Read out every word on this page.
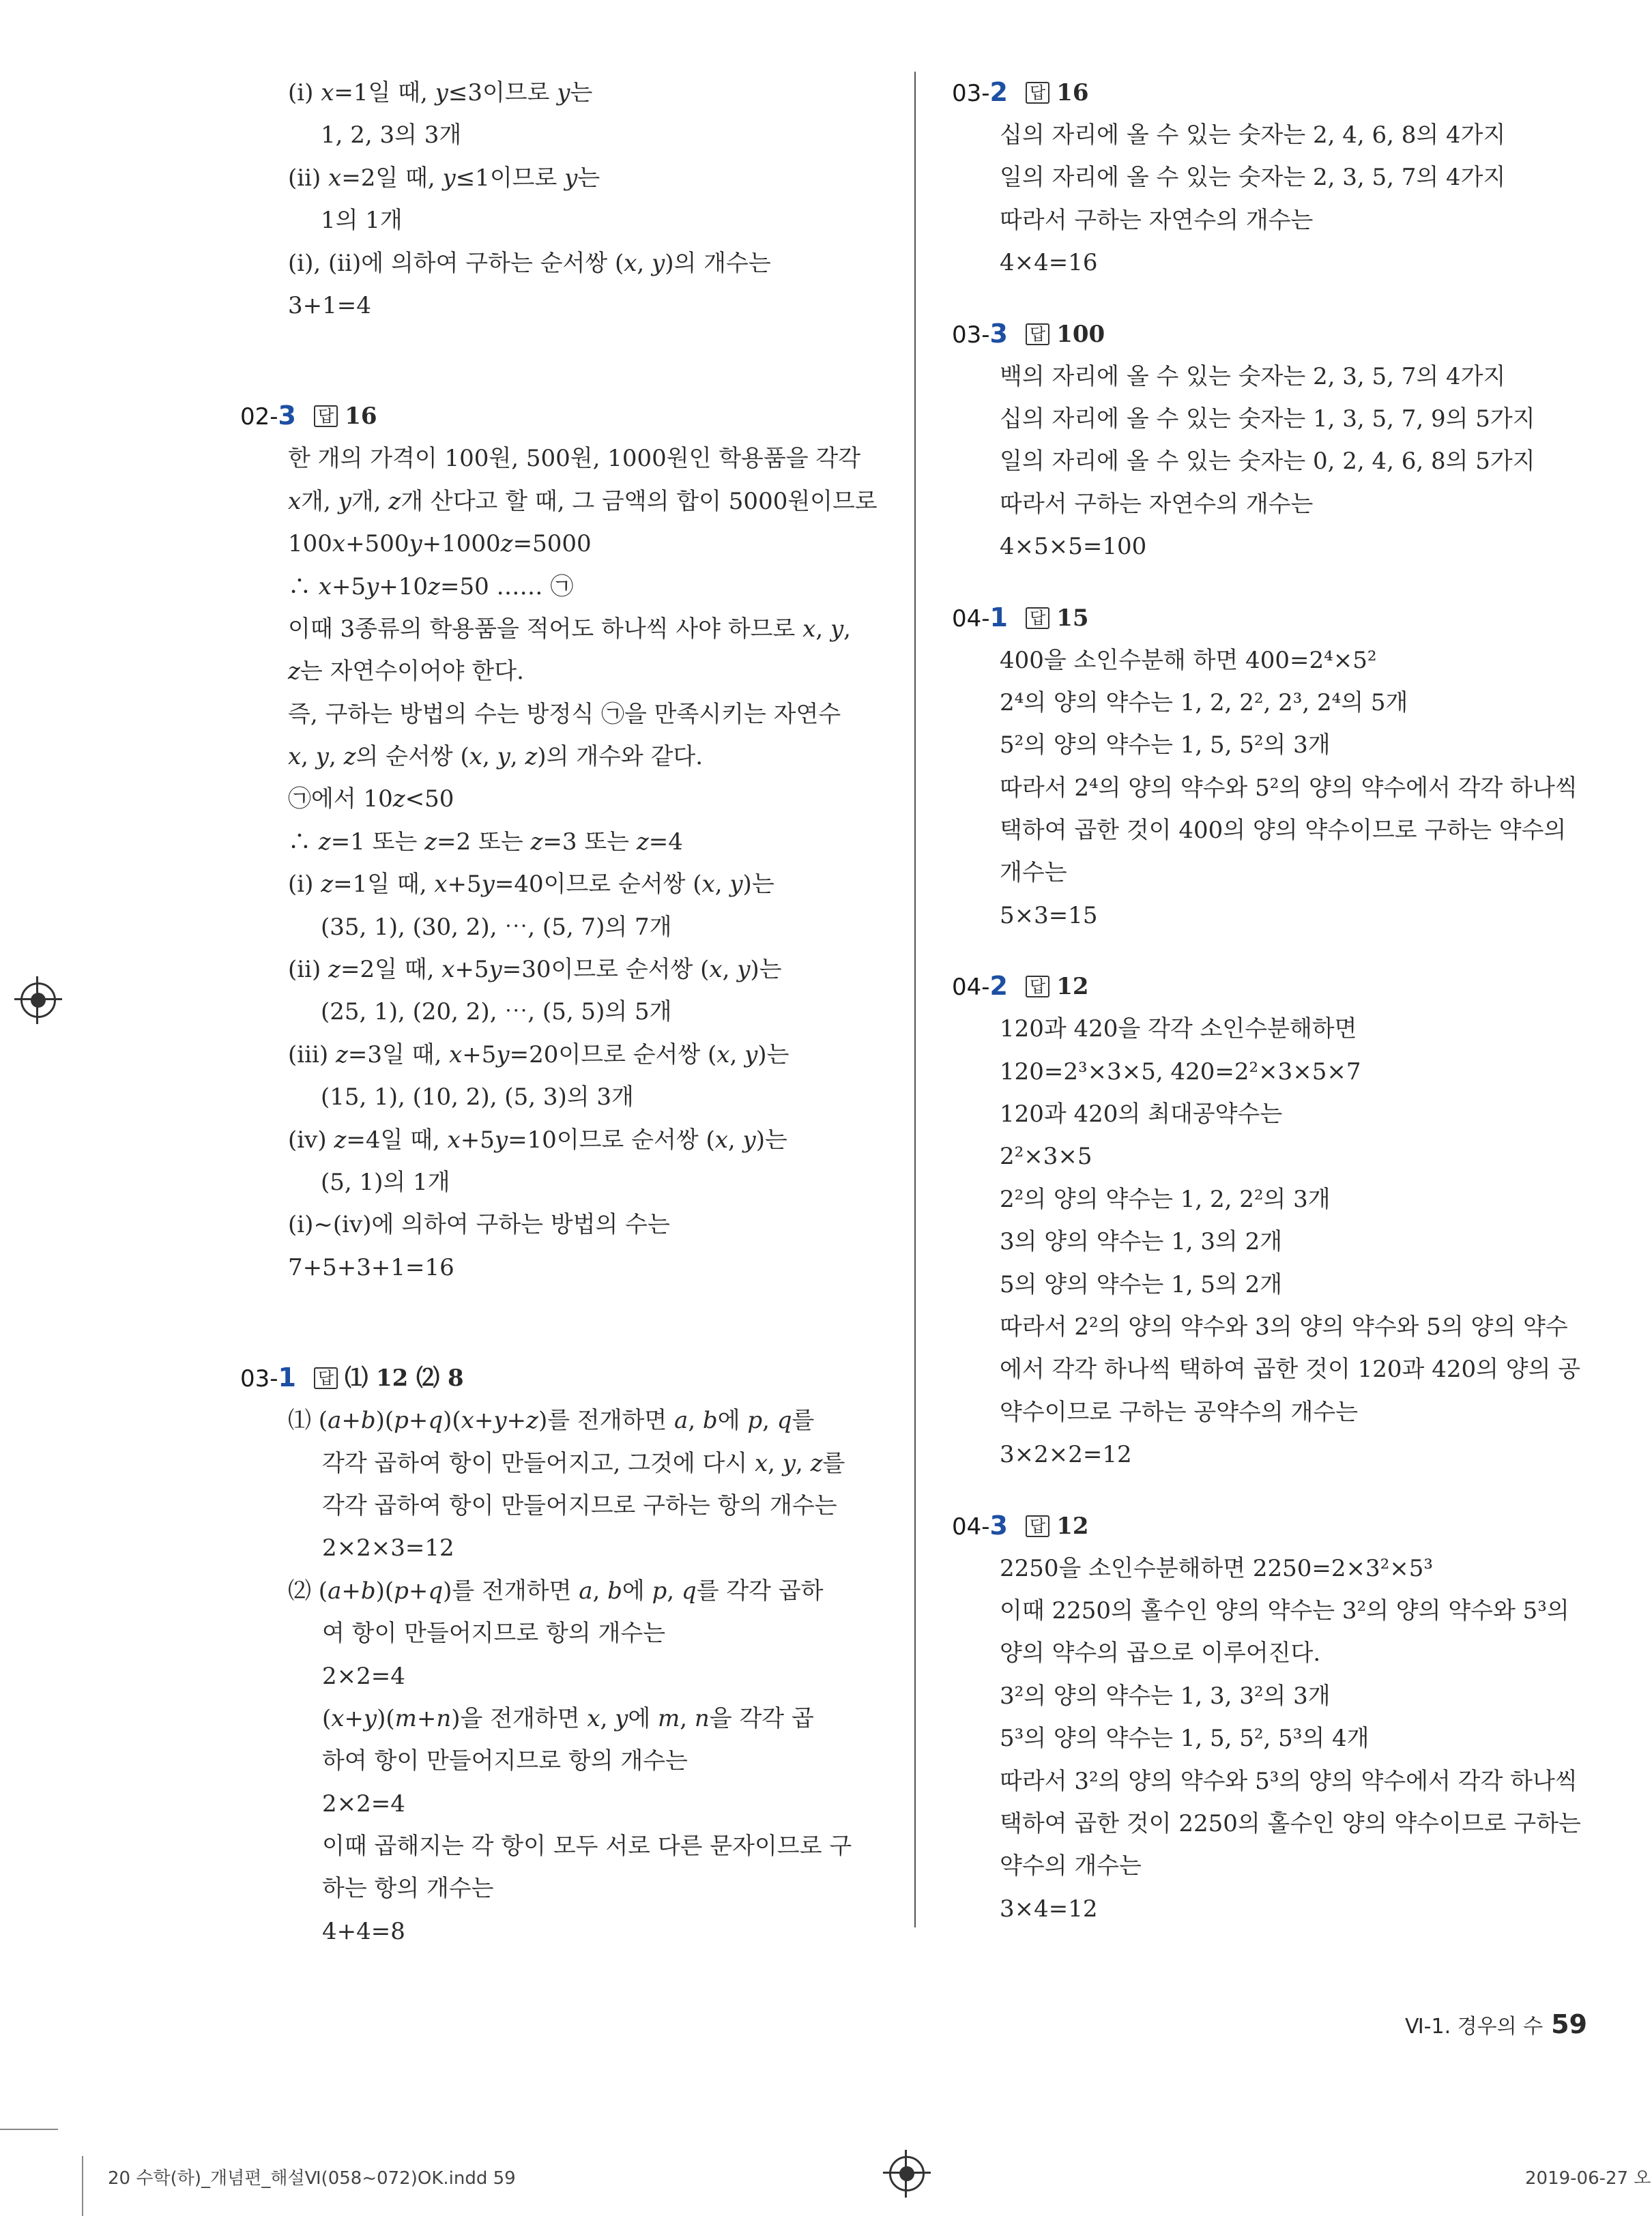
(ⅰ) 𝑥=1일 때, 𝑦≤3이므로 𝑦는
1, 2, 3의 3개
(ⅱ) 𝑥=2일 때, 𝑦≤1이므로 𝑦는
1의 1개
(ⅰ), (ⅱ)에 의하여 구하는 순서쌍 (𝑥, 𝑦)의 개수는
3+1=4
02-3 답 16
한 개의 가격이 100원, 500원, 1000원인 학용품을 각각
𝑥개, 𝑦개, 𝑧개 산다고 할 때, 그 금액의 합이 5000원이므로
100𝑥+500𝑦+1000𝑧=5000
∴ 𝑥+5𝑦+10𝑧=50 …… ㉠
이때 3종류의 학용품을 적어도 하나씩 사야 하므로 𝑥, 𝑦,
𝑧는 자연수이어야 한다.
즉, 구하는 방법의 수는 방정식 ㉠을 만족시키는 자연수
𝑥, 𝑦, 𝑧의 순서쌍 (𝑥, 𝑦, 𝑧)의 개수와 같다.
㉠에서 10𝑧<50
∴ 𝑧=1 또는 𝑧=2 또는 𝑧=3 또는 𝑧=4
(ⅰ) 𝑧=1일 때, 𝑥+5𝑦=40이므로 순서쌍 (𝑥, 𝑦)는
(35, 1), (30, 2), ⋯, (5, 7)의 7개
(ⅱ) 𝑧=2일 때, 𝑥+5𝑦=30이므로 순서쌍 (𝑥, 𝑦)는
(25, 1), (20, 2), ⋯, (5, 5)의 5개
(ⅲ) 𝑧=3일 때, 𝑥+5𝑦=20이므로 순서쌍 (𝑥, 𝑦)는
(15, 1), (10, 2), (5, 3)의 3개
(ⅳ) 𝑧=4일 때, 𝑥+5𝑦=10이므로 순서쌍 (𝑥, 𝑦)는
(5, 1)의 1개
(ⅰ)~(ⅳ)에 의하여 구하는 방법의 수는
7+5+3+1=16
03-1 답 ⑴ 12 ⑵ 8
⑴ (𝑎+𝑏)(𝑝+𝑞)(𝑥+𝑦+𝑧)를 전개하면 𝑎, 𝑏에 𝑝, 𝑞를
각각 곱하여 항이 만들어지고, 그것에 다시 𝑥, 𝑦, 𝑧를
각각 곱하여 항이 만들어지므로 구하는 항의 개수는
2×2×3=12
⑵ (𝑎+𝑏)(𝑝+𝑞)를 전개하면 𝑎, 𝑏에 𝑝, 𝑞를 각각 곱하
여 항이 만들어지므로 항의 개수는
2×2=4
(𝑥+𝑦)(𝑚+𝑛)을 전개하면 𝑥, 𝑦에 𝑚, 𝑛을 각각 곱
하여 항이 만들어지므로 항의 개수는
2×2=4
이때 곱해지는 각 항이 모두 서로 다른 문자이므로 구
하는 항의 개수는
4+4=8
03-2 답 16
십의 자리에 올 수 있는 숫자는 2, 4, 6, 8의 4가지
일의 자리에 올 수 있는 숫자는 2, 3, 5, 7의 4가지
따라서 구하는 자연수의 개수는
4×4=16
03-3 답 100
백의 자리에 올 수 있는 숫자는 2, 3, 5, 7의 4가지
십의 자리에 올 수 있는 숫자는 1, 3, 5, 7, 9의 5가지
일의 자리에 올 수 있는 숫자는 0, 2, 4, 6, 8의 5가지
따라서 구하는 자연수의 개수는
4×5×5=100
04-1 답 15
400을 소인수분해 하면 400=2⁴×5²
2⁴의 양의 약수는 1, 2, 2², 2³, 2⁴의 5개
5²의 양의 약수는 1, 5, 5²의 3개
따라서 2⁴의 양의 약수와 5²의 양의 약수에서 각각 하나씩
택하여 곱한 것이 400의 양의 약수이므로 구하는 약수의
개수는
5×3=15
04-2 답 12
120과 420을 각각 소인수분해하면
120=2³×3×5, 420=2²×3×5×7
120과 420의 최대공약수는
2²×3×5
2²의 양의 약수는 1, 2, 2²의 3개
3의 양의 약수는 1, 3의 2개
5의 양의 약수는 1, 5의 2개
따라서 2²의 양의 약수와 3의 양의 약수와 5의 양의 약수
에서 각각 하나씩 택하여 곱한 것이 120과 420의 양의 공
약수이므로 구하는 공약수의 개수는
3×2×2=12
04-3 답 12
2250을 소인수분해하면 2250=2×3²×5³
이때 2250의 홀수인 양의 약수는 3²의 양의 약수와 5³의
양의 약수의 곱으로 이루어진다.
3²의 양의 약수는 1, 3, 3²의 3개
5³의 양의 약수는 1, 5, 5², 5³의 4개
따라서 3²의 양의 약수와 5³의 양의 약수에서 각각 하나씩
택하여 곱한 것이 2250의 홀수인 양의 약수이므로 구하는
약수의 개수는
3×4=12
Ⅵ-1. 경우의 수 59
20 수학(하)_개념편_해설Ⅵ(058~072)OK.indd 59	2019-06-27 오
